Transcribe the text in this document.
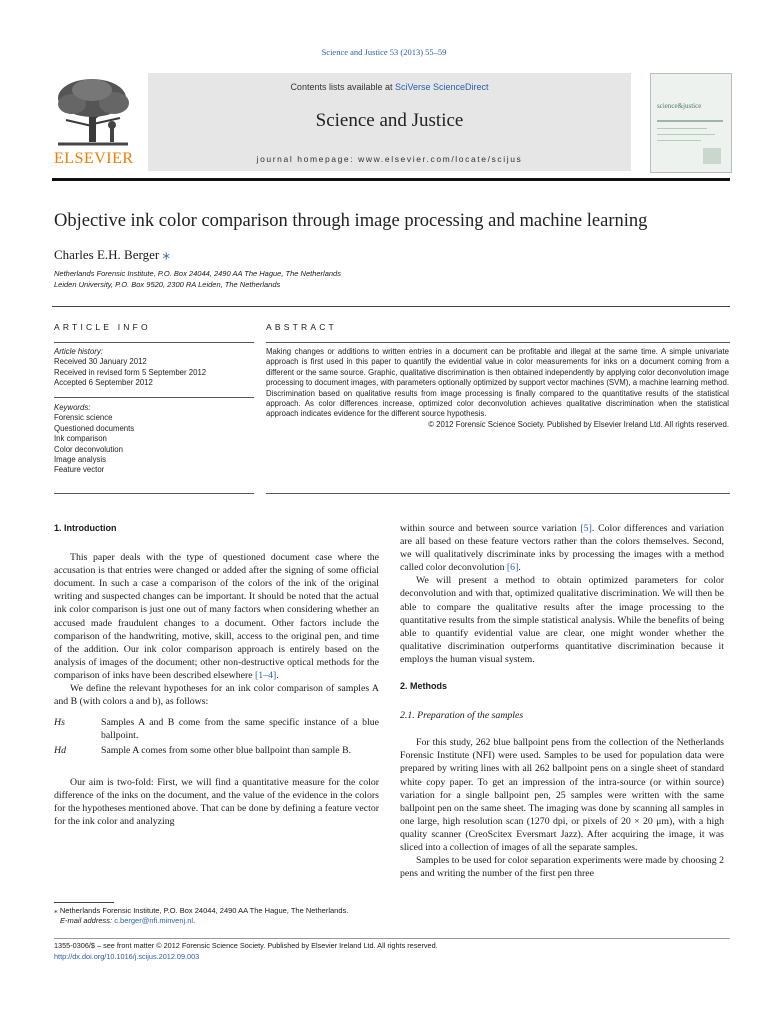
Science and Justice 53 (2013) 55–59
ELSEVIER
Contents lists available at SciVerse ScienceDirect
Science and Justice
journal homepage: www.elsevier.com/locate/scijus
science&justice
Objective ink color comparison through image processing and machine learning
Charles E.H. Berger ⁎
Netherlands Forensic Institute, P.O. Box 24044, 2490 AA The Hague, The Netherlands
Leiden University, P.O. Box 9520, 2300 RA Leiden, The Netherlands
ARTICLE INFO	ABSTRACT
Article history:
Received 30 January 2012
Received in revised form 5 September 2012
Accepted 6 September 2012
Keywords:
Forensic science
Questioned documents
Ink comparison
Color deconvolution
Image analysis
Feature vector
Making changes or additions to written entries in a document can be profitable and illegal at the same time. A simple univariate approach is first used in this paper to quantify the evidential value in color measurements for inks on a document coming from a different or the same source. Graphic, qualitative discrimination is then obtained independently by applying color deconvolution image processing to document images, with parameters optionally optimized by support vector machines (SVM), a machine learning method. Discrimination based on qualitative results from image processing is finally compared to the quantitative results of the statistical approach. As color differences increase, optimized color deconvolution achieves qualitative discrimination when the statistical approach indicates evidence for the different source hypothesis.
© 2012 Forensic Science Society. Published by Elsevier Ireland Ltd. All rights reserved.
1. Introduction

This paper deals with the type of questioned document case where the accusation is that entries were changed or added after the signing of some official document. In such a case a comparison of the colors of the ink of the original writing and suspected changes can be important. It should be noted that the actual ink color comparison is just one out of many factors when considering whether an accused made fraudulent changes to a document. Other factors include the comparison of the handwriting, motive, skill, access to the original pen, and time of the addition. Our ink color comparison approach is entirely based on the analysis of images of the document; other non-destructive optical methods for the comparison of inks have been described elsewhere [1–4].

We define the relevant hypotheses for an ink color comparison of samples A and B (with colors a and b), as follows:

Hs	Samples A and B come from the same specific instance of a blue ballpoint.
Hd	Sample A comes from some other blue ballpoint than sample B.

Our aim is two-fold: First, we will find a quantitative measure for the color difference of the inks on the document, and the value of the evidence in the colors for the hypotheses mentioned above. That can be done by defining a feature vector for the ink color and analyzing

within source and between source variation [5]. Color differences and variation are all based on these feature vectors rather than the colors themselves. Second, we will qualitatively discriminate inks by processing the images with a method called color deconvolution [6].

We will present a method to obtain optimized parameters for color deconvolution and with that, optimized qualitative discrimination. We will then be able to compare the qualitative results after the image processing to the quantitative results from the simple statistical analysis. While the benefits of being able to quantify evidential value are clear, one might wonder whether the qualitative discrimination outperforms quantitative discrimination because it employs the human visual system.

2. Methods
2.1. Preparation of the samples

For this study, 262 blue ballpoint pens from the collection of the Netherlands Forensic Institute (NFI) were used. Samples to be used for population data were prepared by writing lines with all 262 ballpoint pens on a single sheet of standard white copy paper. To get an impression of the intra-source (or within source) variation for a single ballpoint pen, 25 samples were written with the same ballpoint pen on the same sheet. The imaging was done by scanning all samples in one large, high resolution scan (1270 dpi, or pixels of 20 × 20 μm), with a high quality scanner (CreoScitex Eversmart Jazz). After acquiring the image, it was sliced into a collection of images of all the separate samples.

Samples to be used for color separation experiments were made by choosing 2 pens and writing the number of the first pen three

⁎ Netherlands Forensic Institute, P.O. Box 24044, 2490 AA The Hague, The Netherlands.
E-mail address: c.berger@nfi.minvenj.nl.
1355-0306/$ – see front matter © 2012 Forensic Science Society. Published by Elsevier Ireland Ltd. All rights reserved.
http://dx.doi.org/10.1016/j.scijus.2012.09.003
